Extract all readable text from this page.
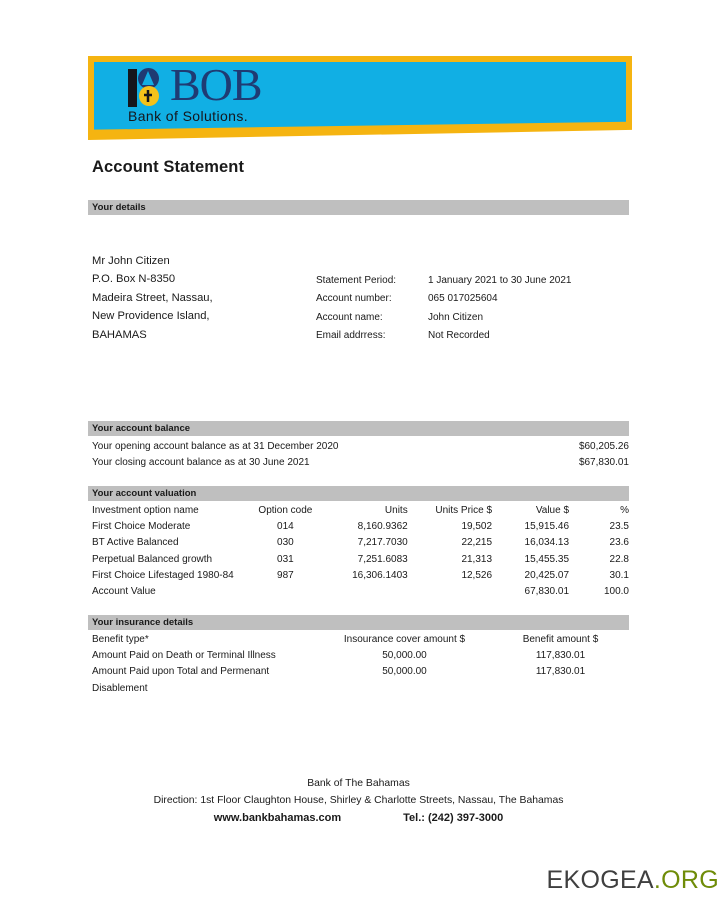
BOB
Bank of Solutions.
Account Statement
Your details
Mr John Citizen
P.O. Box N-8350
Madeira Street, Nassau,
New Providence Island,
BAHAMAS
Statement Period:	1 January 2021 to 30 June 2021
Account number:	065 017025604
Account name:	John Citizen
Email addrress:	Not Recorded
Your account balance
Your opening account balance as at 31 December 2020	$60,205.26
Your closing account balance as at 30 June 2021	$67,830.01
Your account valuation
Investment option name	Option code	Units	Units Price $	Value $	%
First Choice Moderate	014	8,160.9362	19,502	15,915.46	23.5
BT Active Balanced	030	7,217.7030	22,215	16,034.13	23.6
Perpetual Balanced growth	031	7,251.6083	21,313	15,455.35	22.8
First Choice Lifestaged 1980-84	987	16,306.1403	12,526	20,425.07	30.1
Account Value				67,830.01	100.0
Your insurance details
Benefit type*	Insourance cover amount $	Benefit amount $
Amount Paid on Death or Terminal Illness	50,000.00	117,830.01
Amount Paid upon Total and Permenant Disablement	50,000.00	117,830.01
Bank of The Bahamas
Direction: 1st Floor Claughton House, Shirley & Charlotte Streets, Nassau, The Bahamas
www.bankbahamas.com	Tel.: (242) 397-3000
EKOGEA.ORG
